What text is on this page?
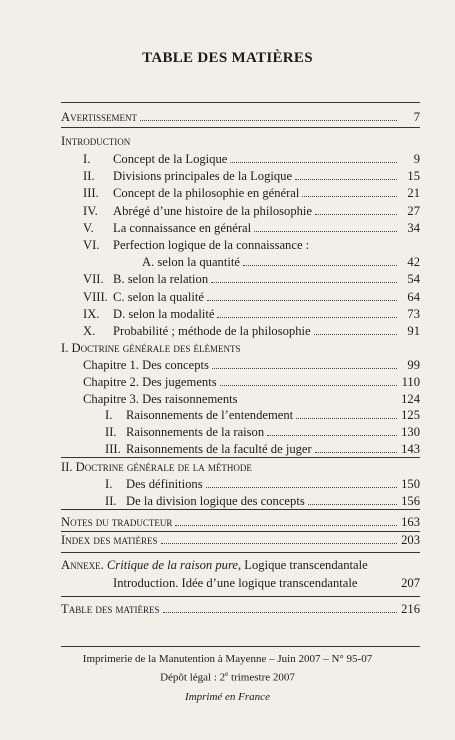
TABLE DES MATIÈRES
Avertissement	7
Introduction
I.	Concept de la Logique	9
II.	Divisions principales de la Logique	15
III.	Concept de la philosophie en général	21
IV.	Abrégé d’une histoire de la philosophie	27
V.	La connaissance en général	34
VI.	Perfection logique de la connaissance :
A. selon la quantité	42
VII. B. selon la relation	54
VIII. C. selon la qualité	64
IX.	D. selon la modalité	73
X.	Probabilité ; méthode de la philosophie	91
I. Doctrine générale des éléments
Chapitre 1. Des concepts	99
Chapitre 2. Des jugements	110
Chapitre 3. Des raisonnements	124
I.	Raisonnements de l’entendement	125
II. Raisonnements de la raison	130
III. Raisonnements de la faculté de juger	143
II. Doctrine générale de la méthode
I.	Des définitions	150
II. De la division logique des concepts	156
Notes du traducteur	163
Index des matières	203
Annexe. Critique de la raison pure, Logique transcendantale
Introduction. Idée d’une logique transcendantale	207
Table des matières	216
Imprimerie de la Manutention à Mayenne – Juin 2007 – N° 95-07
Dépôt légal : 2e trimestre 2007
Imprimé en France
